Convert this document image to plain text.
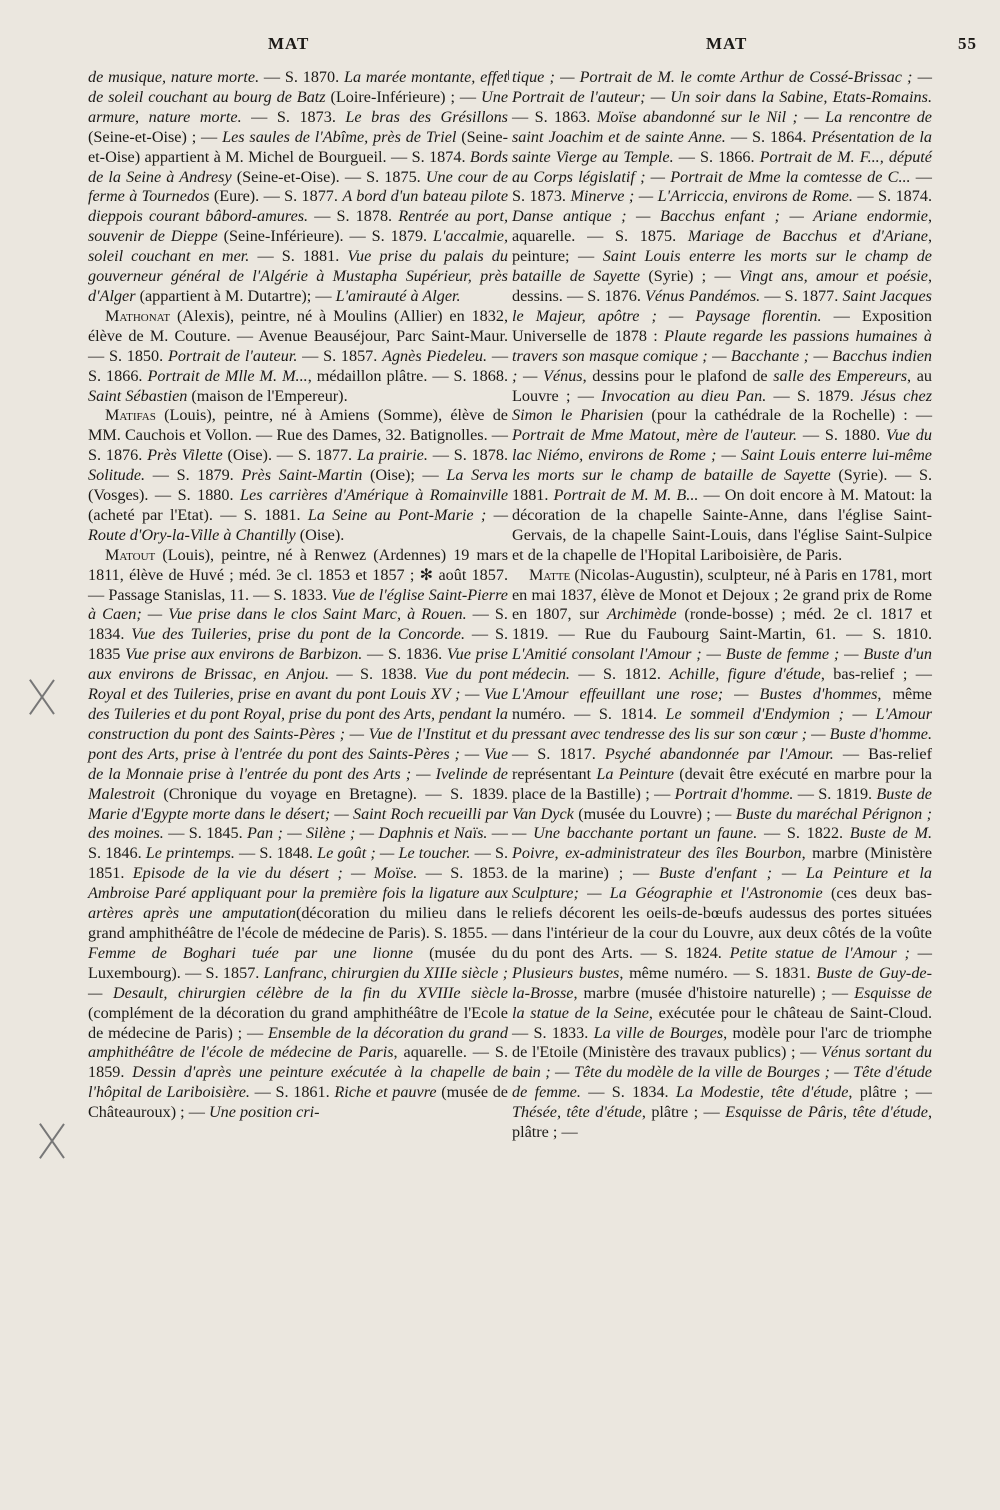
MAT	MAT	55

de musique, nature morte. — S. 1870. La marée montante, effet de soleil couchant au bourg de Batz (Loire-Inférieure) ; — Une armure, nature morte. — S. 1873. Le bras des Grésillons (Seine-et-Oise) ; — Les saules de l'Abîme, près de Triel (Seine-et-Oise) appartient à M. Michel de Bourgueil. — S. 1874. Bords de la Seine à Andresy (Seine-et-Oise). — S. 1875. Une cour de ferme à Tournedos (Eure). — S. 1877. A bord d'un bateau pilote dieppois courant bâbord-amures. — S. 1878. Rentrée au port, souvenir de Dieppe (Seine-Inférieure). — S. 1879. L'accalmie, soleil couchant en mer. — S. 1881. Vue prise du palais du gouverneur général de l'Algérie à Mustapha Supérieur, près d'Alger (appartient à M. Dutartre); — L'amirauté à Alger.

Mathonat (Alexis), peintre, né à Moulins (Allier) en 1832, élève de M. Couture. — Avenue Beauséjour, Parc Saint-Maur. — S. 1850. Portrait de l'auteur. — S. 1857. Agnès Piedeleu. — S. 1866. Portrait de Mlle M. M..., médaillon plâtre. — S. 1868. Saint Sébastien (maison de l'Empereur).

Matifas (Louis), peintre, né à Amiens (Somme), élève de MM. Cauchois et Vollon. — Rue des Dames, 32. Batignolles. — S. 1876. Près Vilette (Oise). — S. 1877. La prairie. — S. 1878. Solitude. — S. 1879. Près Saint-Martin (Oise); — La Serva (Vosges). — S. 1880. Les carrières d'Amérique à Romainville (acheté par l'Etat). — S. 1881. La Seine au Pont-Marie ; — Route d'Ory-la-Ville à Chantilly (Oise).

Matout (Louis), peintre, né à Renwez (Ardennes) 19 mars 1811, élève de Huvé ; méd. 3e cl. 1853 et 1857 ; ✻ août 1857. — Passage Stanislas, 11. — S. 1833. Vue de l'église Saint-Pierre à Caen; — Vue prise dans le clos Saint Marc, à Rouen. — S. 1834. Vue des Tuileries, prise du pont de la Concorde. — S. 1835 Vue prise aux environs de Barbizon. — S. 1836. Vue prise aux environs de Brissac, en Anjou. — S. 1838. Vue du pont Royal et des Tuileries, prise en avant du pont Louis XV ; — Vue des Tuileries et du pont Royal, prise du pont des Arts, pendant la construction du pont des Saints-Pères ; — Vue de l'Institut et du pont des Arts, prise à l'entrée du pont des Saints-Pères ; — Vue de la Monnaie prise à l'entrée du pont des Arts ; — Ivelinde de Malestroit (Chronique du voyage en Bretagne). — S. 1839. Marie d'Egypte morte dans le désert; — Saint Roch recueilli par des moines. — S. 1845. Pan ; — Silène ; — Daphnis et Naïs. — S. 1846. Le printemps. — S. 1848. Le goût ; — Le toucher. — S. 1851. Episode de la vie du désert ; — Moïse. — S. 1853. Ambroise Paré appliquant pour la première fois la ligature aux artères après une amputation(décoration du milieu dans le grand amphithéâtre de l'école de médecine de Paris). S. 1855. — Femme de Boghari tuée par une lionne (musée du Luxembourg). — S. 1857. Lanfranc, chirurgien du XIIIe siècle ; — Desault, chirurgien célèbre de la fin du XVIIIe siècle (complément de la décoration du grand amphithéâtre de l'Ecole de médecine de Paris) ; — Ensemble de la décoration du grand amphithéâtre de l'école de médecine de Paris, aquarelle. — S. 1859. Dessin d'après une peinture exécutée à la chapelle de l'hôpital de Lariboisière. — S. 1861. Riche et pauvre (musée de Châteauroux) ; — Une position cri-

tique ; — Portrait de M. le comte Arthur de Cossé-Brissac ; — Portrait de l'auteur; — Un soir dans la Sabine, Etats-Romains. — S. 1863. Moïse abandonné sur le Nil ; — La rencontre de saint Joachim et de sainte Anne. — S. 1864. Présentation de la sainte Vierge au Temple. — S. 1866. Portrait de M. F..., député au Corps législatif ; — Portrait de Mme la comtesse de C... — S. 1873. Minerve ; — L'Arriccia, environs de Rome. — S. 1874. Danse antique ; — Bacchus enfant ; — Ariane endormie, aquarelle. — S. 1875. Mariage de Bacchus et d'Ariane, peinture; — Saint Louis enterre les morts sur le champ de bataille de Sayette (Syrie) ; — Vingt ans, amour et poésie, dessins. — S. 1876. Vénus Pandémos. — S. 1877. Saint Jacques le Majeur, apôtre ; — Paysage florentin. — Exposition Universelle de 1878 : Plaute regarde les passions humaines à travers son masque comique ; — Bacchante ; — Bacchus indien ; — Vénus, dessins pour le plafond de salle des Empereurs, au Louvre ; — Invocation au dieu Pan. — S. 1879. Jésus chez Simon le Pharisien (pour la cathédrale de la Rochelle) : — Portrait de Mme Matout, mère de l'auteur. — S. 1880. Vue du lac Niémo, environs de Rome ; — Saint Louis enterre lui-même les morts sur le champ de bataille de Sayette (Syrie). — S. 1881. Portrait de M. M. B... — On doit encore à M. Matout: la décoration de la chapelle Sainte-Anne, dans l'église Saint-Gervais, de la chapelle Saint-Louis, dans l'église Saint-Sulpice et de la chapelle de l'Hopital Lariboisière, de Paris.

Matte (Nicolas-Augustin), sculpteur, né à Paris en 1781, mort en mai 1837, élève de Monot et Dejoux ; 2e grand prix de Rome en 1807, sur Archimède (ronde-bosse) ; méd. 2e cl. 1817 et 1819. — Rue du Faubourg Saint-Martin, 61. — S. 1810. L'Amitié consolant l'Amour ; — Buste de femme ; — Buste d'un médecin. — S. 1812. Achille, figure d'étude, bas-relief ; — L'Amour effeuillant une rose; — Bustes d'hommes, même numéro. — S. 1814. Le sommeil d'Endymion ; — L'Amour pressant avec tendresse des lis sur son cœur ; — Buste d'homme. — S. 1817. Psyché abandonnée par l'Amour. — Bas-relief représentant La Peinture (devait être exécuté en marbre pour la place de la Bastille) ; — Portrait d'homme. — S. 1819. Buste de Van Dyck (musée du Louvre) ; — Buste du maréchal Pérignon ; — Une bacchante portant un faune. — S. 1822. Buste de M. Poivre, ex-administrateur des îles Bourbon, marbre (Ministère de la marine) ; — Buste d'enfant ; — La Peinture et la Sculpture; — La Géographie et l'Astronomie (ces deux bas-reliefs décorent les oeils-de-bœufs audessus des portes situées dans l'intérieur de la cour du Louvre, aux deux côtés de la voûte du pont des Arts. — S. 1824. Petite statue de l'Amour ; — Plusieurs bustes, même numéro. — S. 1831. Buste de Guy-de-la-Brosse, marbre (musée d'histoire naturelle) ; — Esquisse de la statue de la Seine, exécutée pour le château de Saint-Cloud. — S. 1833. La ville de Bourges, modèle pour l'arc de triomphe de l'Etoile (Ministère des travaux publics) ; — Vénus sortant du bain ; — Tête du modèle de la ville de Bourges ; — Tête d'étude de femme. — S. 1834. La Modestie, tête d'étude, plâtre ; — Thésée, tête d'étude, plâtre ; — Esquisse de Pâris, tête d'étude, plâtre ; —
